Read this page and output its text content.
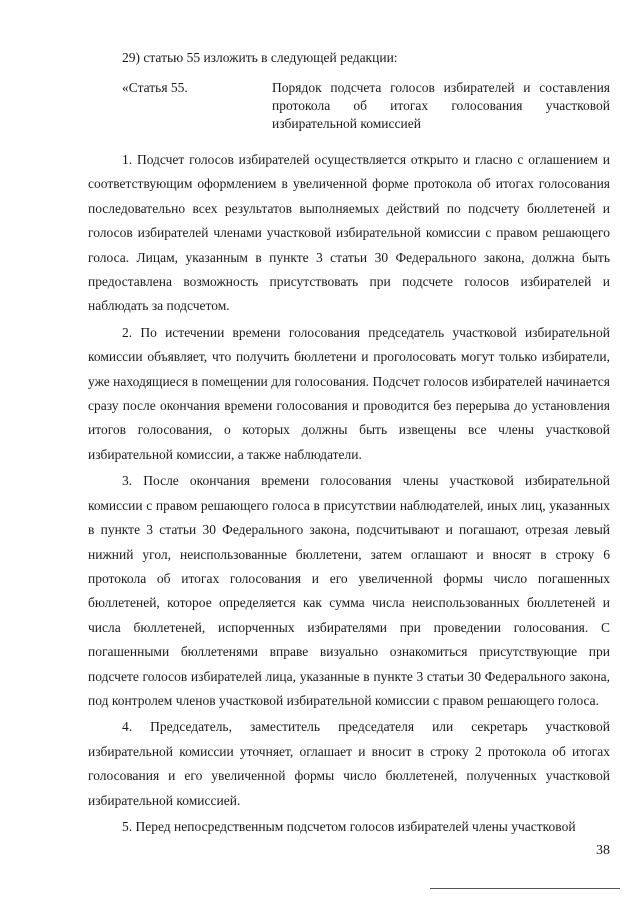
29) статью 55 изложить в следующей редакции:

«Статья 55.	Порядок подсчета голосов избирателей и составления протокола об итогах голосования участковой избирательной комиссией

1. Подсчет голосов избирателей осуществляется открыто и гласно с оглашением и соответствующим оформлением в увеличенной форме протокола об итогах голосования последовательно всех результатов выполняемых действий по подсчету бюллетеней и голосов избирателей членами участковой избирательной комиссии с правом решающего голоса. Лицам, указанным в пункте 3 статьи 30 Федерального закона, должна быть предоставлена возможность присутствовать при подсчете голосов избирателей и наблюдать за подсчетом.

2. По истечении времени голосования председатель участковой избирательной комиссии объявляет, что получить бюллетени и проголосовать могут только избиратели, уже находящиеся в помещении для голосования. Подсчет голосов избирателей начинается сразу после окончания времени голосования и проводится без перерыва до установления итогов голосования, о которых должны быть извещены все члены участковой избирательной комиссии, а также наблюдатели.

3. После окончания времени голосования члены участковой избирательной комиссии с правом решающего голоса в присутствии наблюдателей, иных лиц, указанных в пункте 3 статьи 30 Федерального закона, подсчитывают и погашают, отрезая левый нижний угол, неиспользованные бюллетени, затем оглашают и вносят в строку 6 протокола об итогах голосования и его увеличенной формы число погашенных бюллетеней, которое определяется как сумма числа неиспользованных бюллетеней и числа бюллетеней, испорченных избирателями при проведении голосования. С погашенными бюллетенями вправе визуально ознакомиться присутствующие при подсчете голосов избирателей лица, указанные в пункте 3 статьи 30 Федерального закона, под контролем членов участковой избирательной комиссии с правом решающего голоса.

4. Председатель, заместитель председателя или секретарь участковой избирательной комиссии уточняет, оглашает и вносит в строку 2 протокола об итогах голосования и его увеличенной формы число бюллетеней, полученных участковой избирательной комиссией.

5. Перед непосредственным подсчетом голосов избирателей члены участковой

38
